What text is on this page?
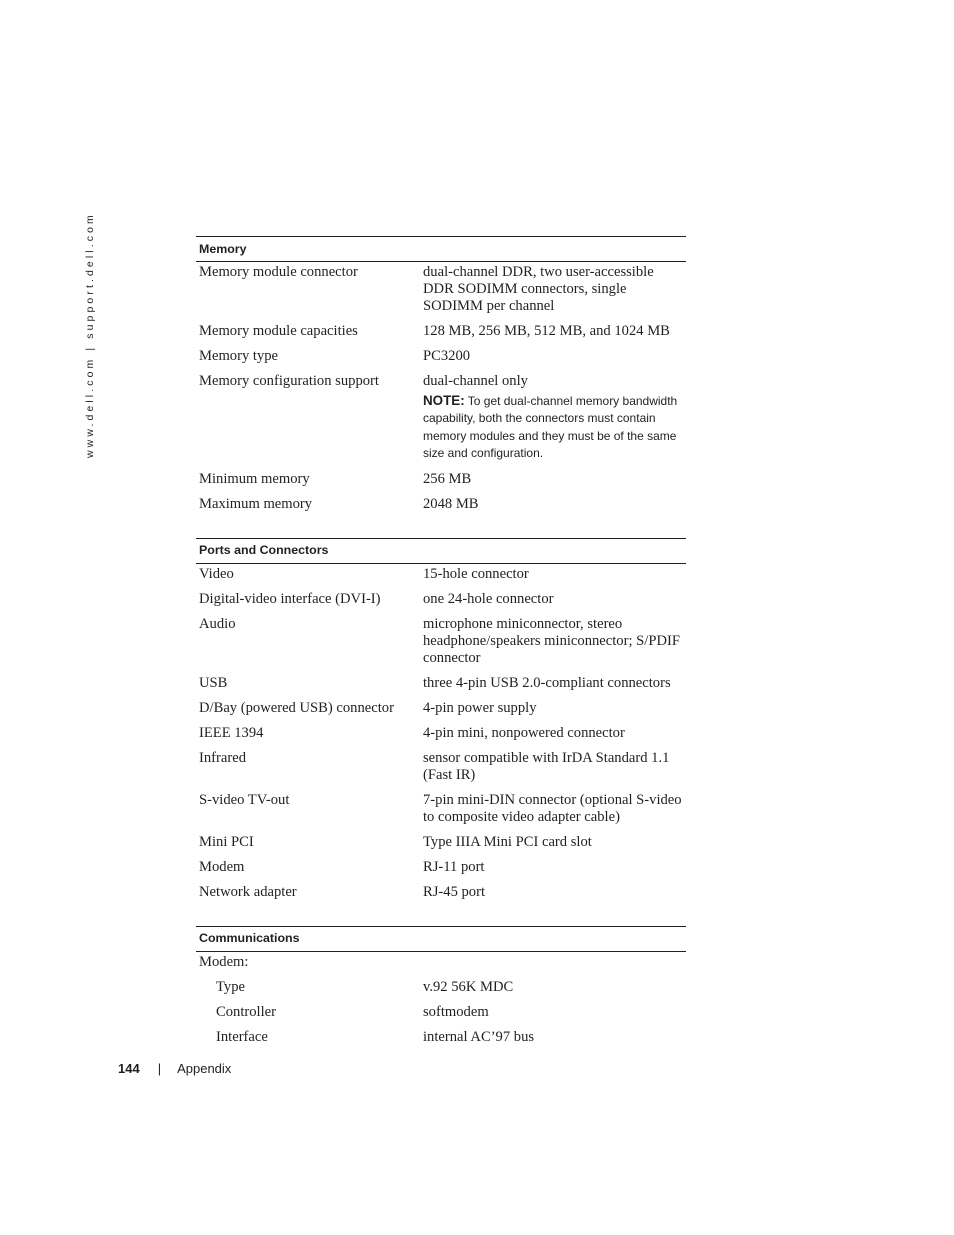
www.dell.com | support.dell.com	Memory	
Memory module connector	dual-channel DDR, two user-accessible DDR SODIMM connectors, single SODIMM per channel
Memory module capacities	128 MB, 256 MB, 512 MB, and 1024 MB
Memory type	PC3200
Memory configuration support	dual-channel only
NOTE: To get dual-channel memory bandwidth capability, both the connectors must contain memory modules and they must be of the same size and configuration.

Minimum memory	256 MB
Maximum memory	2048 MB

Ports and Connectors	
Video	15-hole connector
Digital-video interface (DVI-I)	one 24-hole connector
Audio	microphone miniconnector, stereo headphone/speakers miniconnector; S/PDIF connector
USB	three 4-pin USB 2.0-compliant connectors
D/Bay (powered USB) connector	4-pin power supply
IEEE 1394	4-pin mini, nonpowered connector
Infrared	sensor compatible with IrDA Standard 1.1 (Fast IR)
S-video TV-out	7-pin mini-DIN connector (optional S-video to composite video adapter cable)
Mini PCI	Type IIIA Mini PCI card slot
Modem	RJ-11 port
Network adapter	RJ-45 port

Communications	
Modem:	
Type	v.92 56K MDC
Controller	softmodem
Interface	internal AC’97 bus
144 | Appendix
